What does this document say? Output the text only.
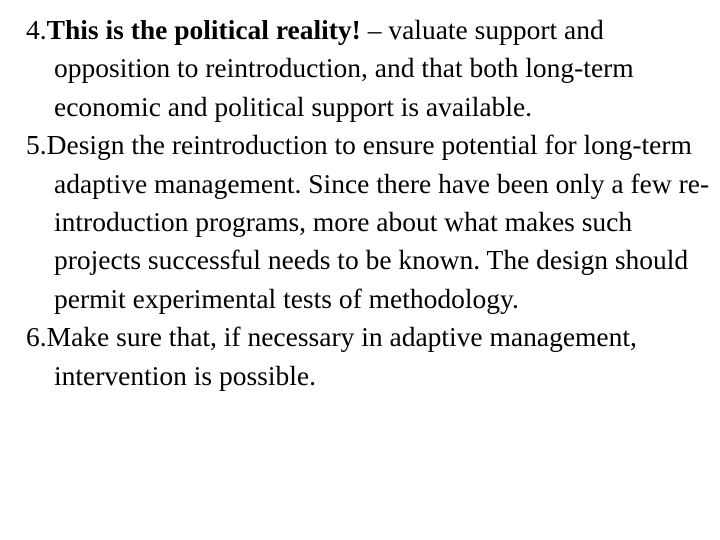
4.This is the political reality! – valuate support and opposition to reintroduction, and that both long-term economic and political support is available.
5.Design the reintroduction to ensure potential for long-term adaptive management. Since there have been only a few re-introduction programs, more about what makes such projects successful needs to be known. The design should permit experimental tests of methodology.
6.Make sure that, if necessary in adaptive management, intervention is possible.
